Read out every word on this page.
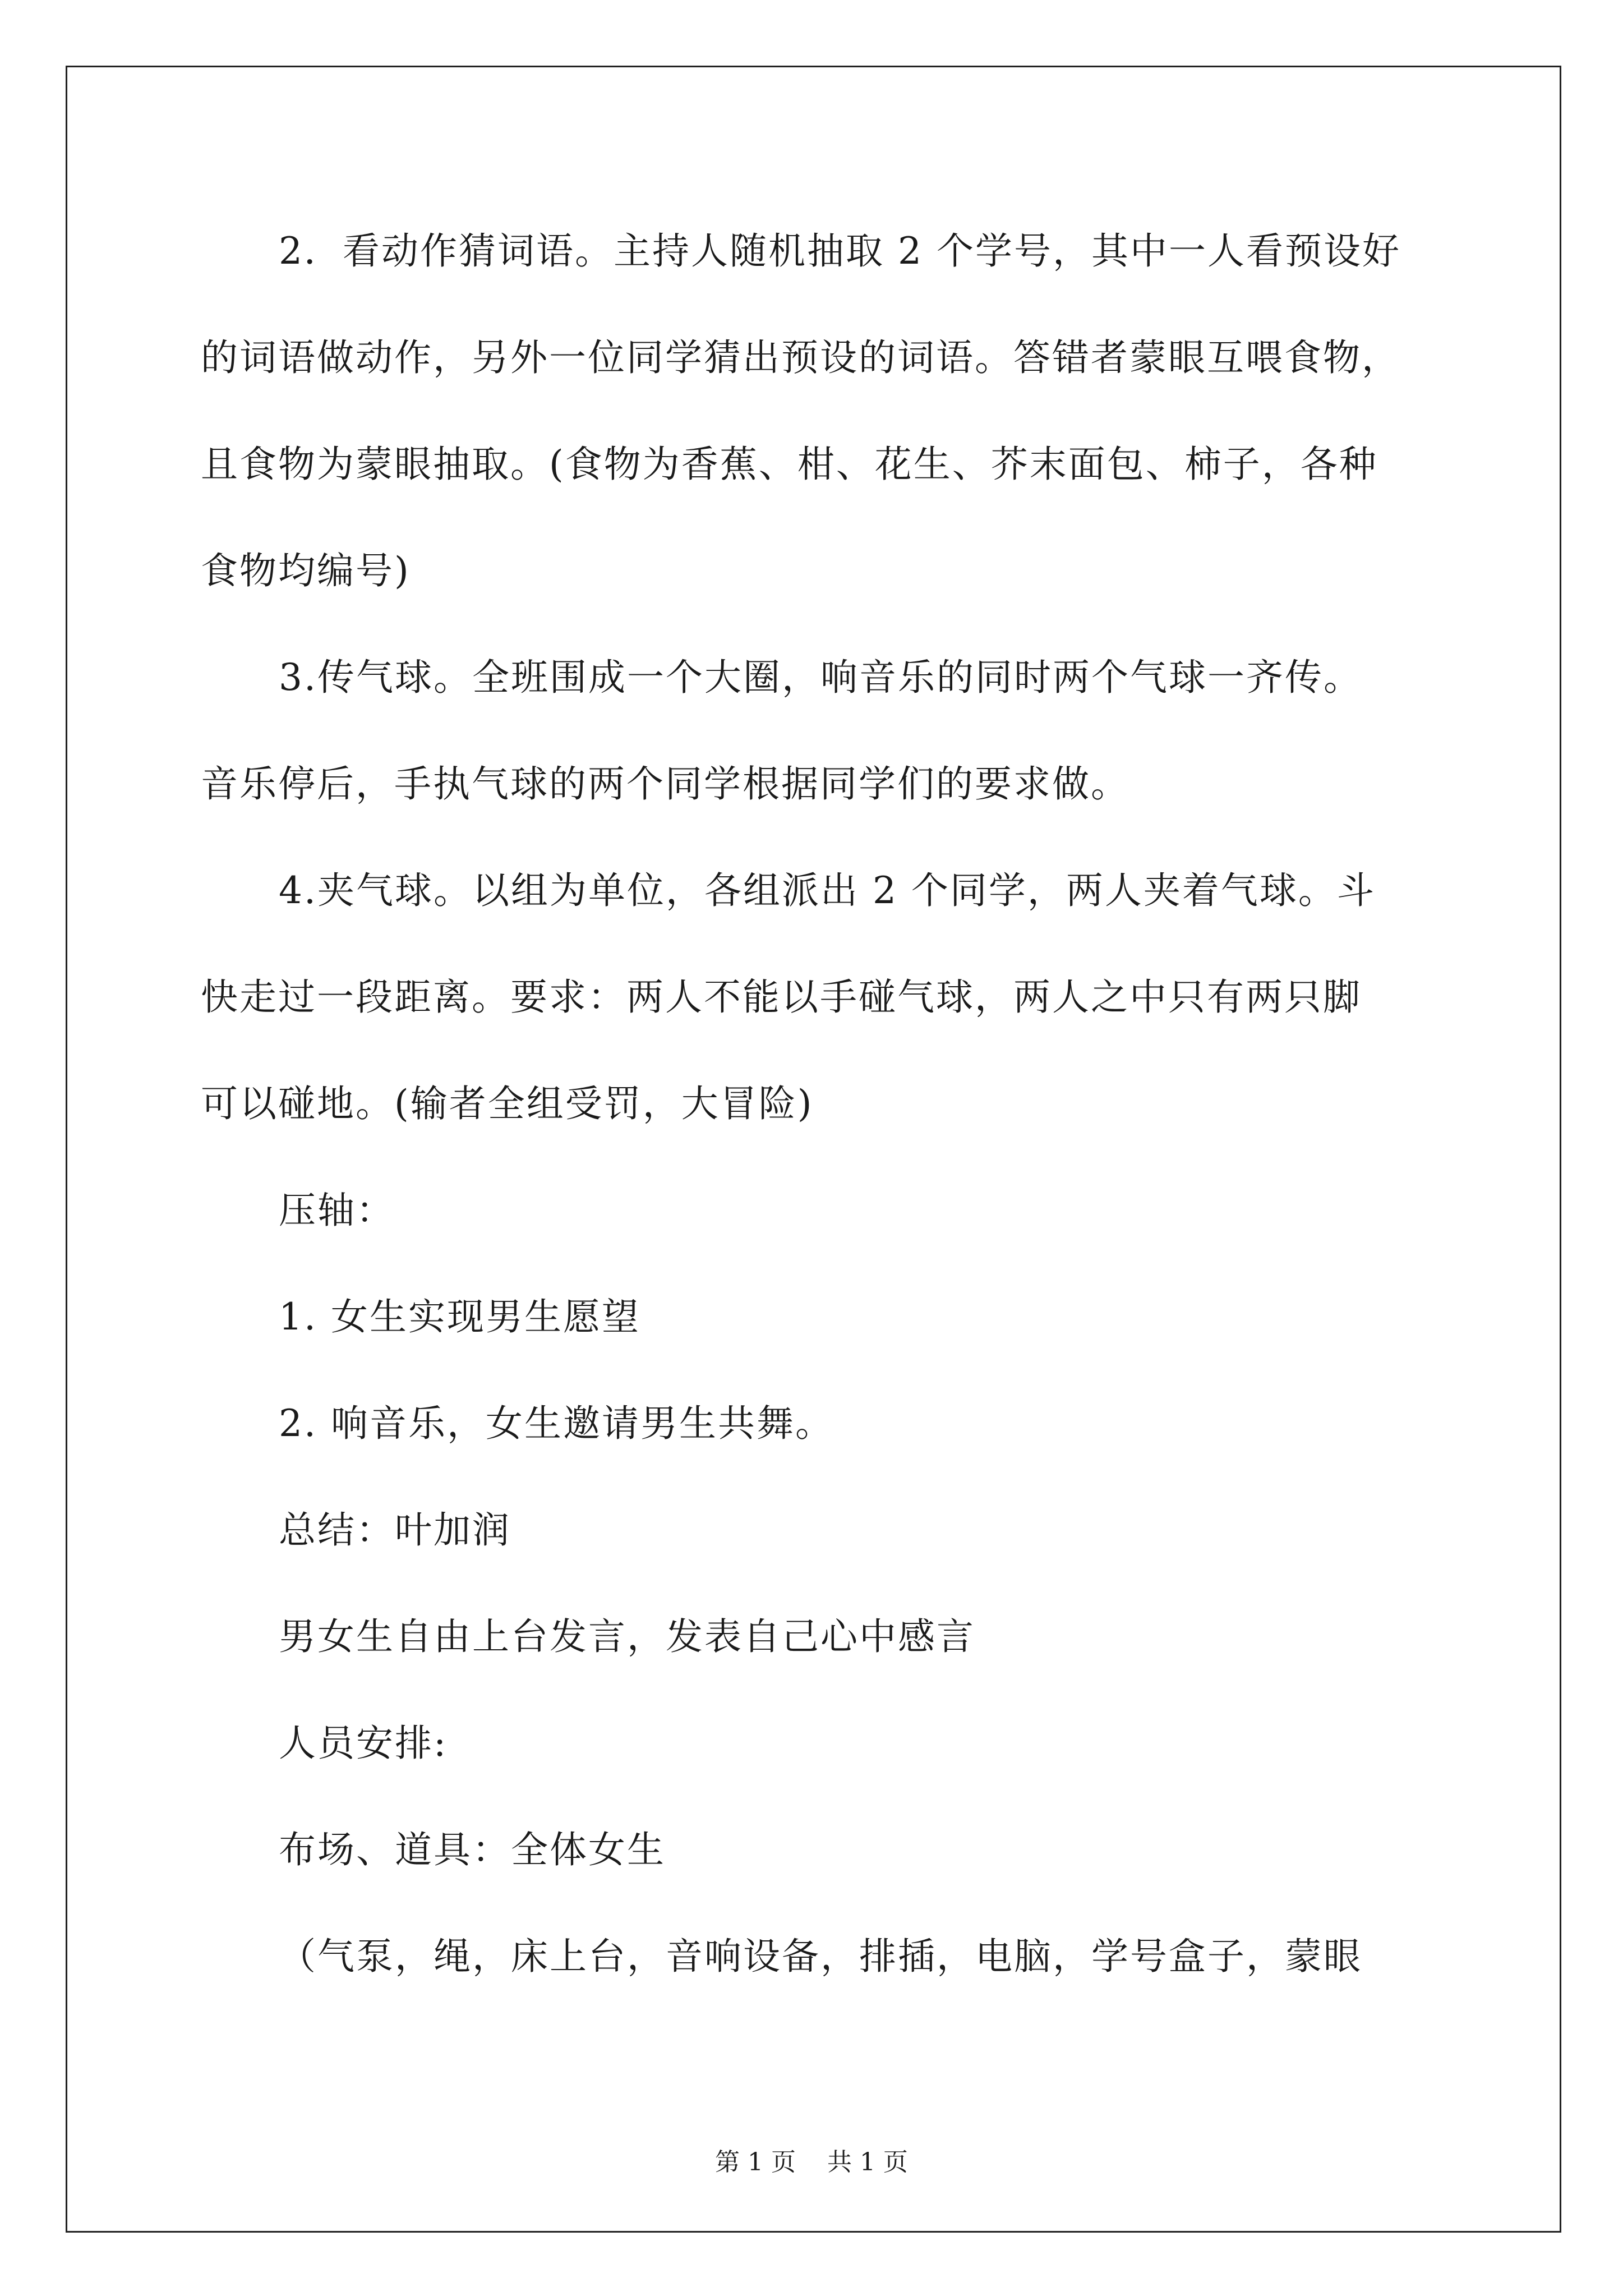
2．看动作猜词语。主持人随机抽取 2 个学号，其中一人看预设好
的词语做动作，另外一位同学猜出预设的词语。答错者蒙眼互喂食物，
且食物为蒙眼抽取。(食物为香蕉、柑、花生、芥末面包、柿子，各种
食物均编号)
3.传气球。全班围成一个大圈，响音乐的同时两个气球一齐传。
音乐停后，手执气球的两个同学根据同学们的要求做。
4.夹气球。以组为单位，各组派出 2 个同学，两人夹着气球。斗
快走过一段距离。要求：两人不能以手碰气球，两人之中只有两只脚
可以碰地。(输者全组受罚，大冒险)
压轴：
1. 女生实现男生愿望
2. 响音乐，女生邀请男生共舞。
总结：叶加润
男女生自由上台发言，发表自己心中感言
人员安排:
布场、道具：全体女生
（气泵，绳，床上台，音响设备，排插，电脑，学号盒子，蒙眼
第 1 页    共 1 页
